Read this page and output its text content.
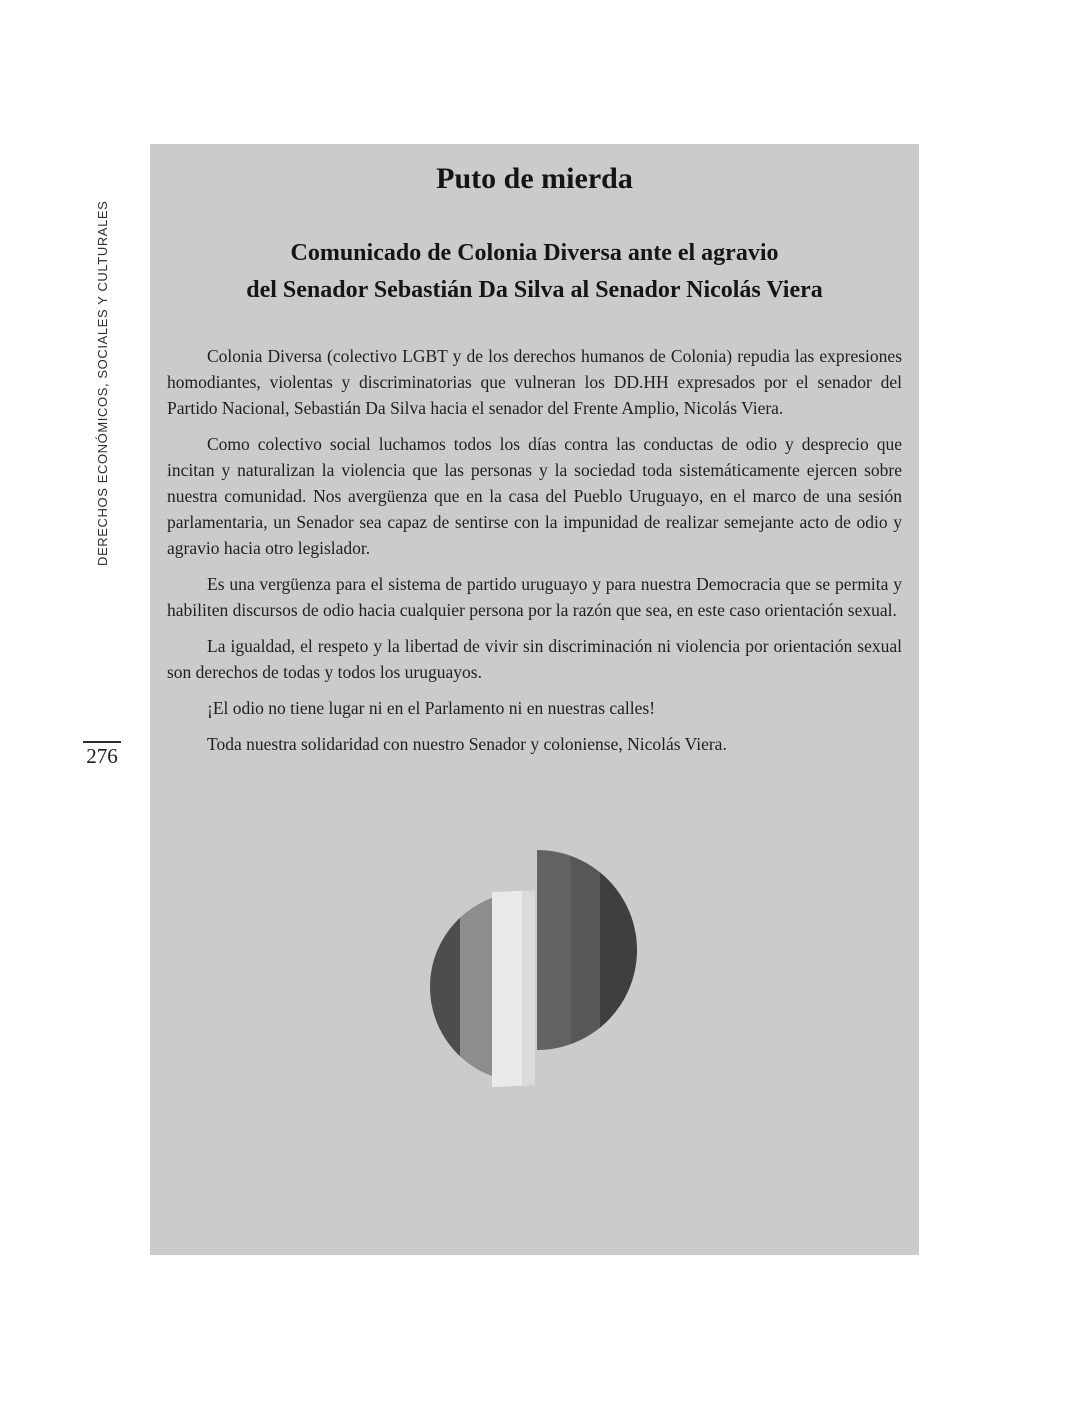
DERECHOS ECONÓMICOS, SOCIALES Y CULTURALES
276
Puto de mierda
Comunicado de Colonia Diversa ante el agravio
del Senador Sebastián Da Silva al Senador Nicolás Viera

Colonia Diversa (colectivo LGBT y de los derechos humanos de Colonia) repudia las expresiones homodiantes, violentas y discriminatorias que vulneran los DD.HH expresados por el senador del Partido Nacional, Sebastián Da Silva hacia el senador del Frente Amplio, Nicolás Viera.

Como colectivo social luchamos todos los días contra las conductas de odio y desprecio que incitan y naturalizan la violencia que las personas y la sociedad toda sistemáticamente ejercen sobre nuestra comunidad. Nos avergüenza que en la casa del Pueblo Uruguayo, en el marco de una sesión parlamentaria, un Senador sea capaz de sentirse con la impunidad de realizar semejante acto de odio y agravio hacia otro legislador.

Es una vergüenza para el sistema de partido uruguayo y para nuestra Democracia que se permita y habiliten discursos de odio hacia cualquier persona por la razón que sea, en este caso orientación sexual.

La igualdad, el respeto y la libertad de vivir sin discriminación ni violencia por orientación sexual son derechos de todas y todos los uruguayos.

¡El odio no tiene lugar ni en el Parlamento ni en nuestras calles!

Toda nuestra solidaridad con nuestro Senador y coloniense, Nicolás Viera.
